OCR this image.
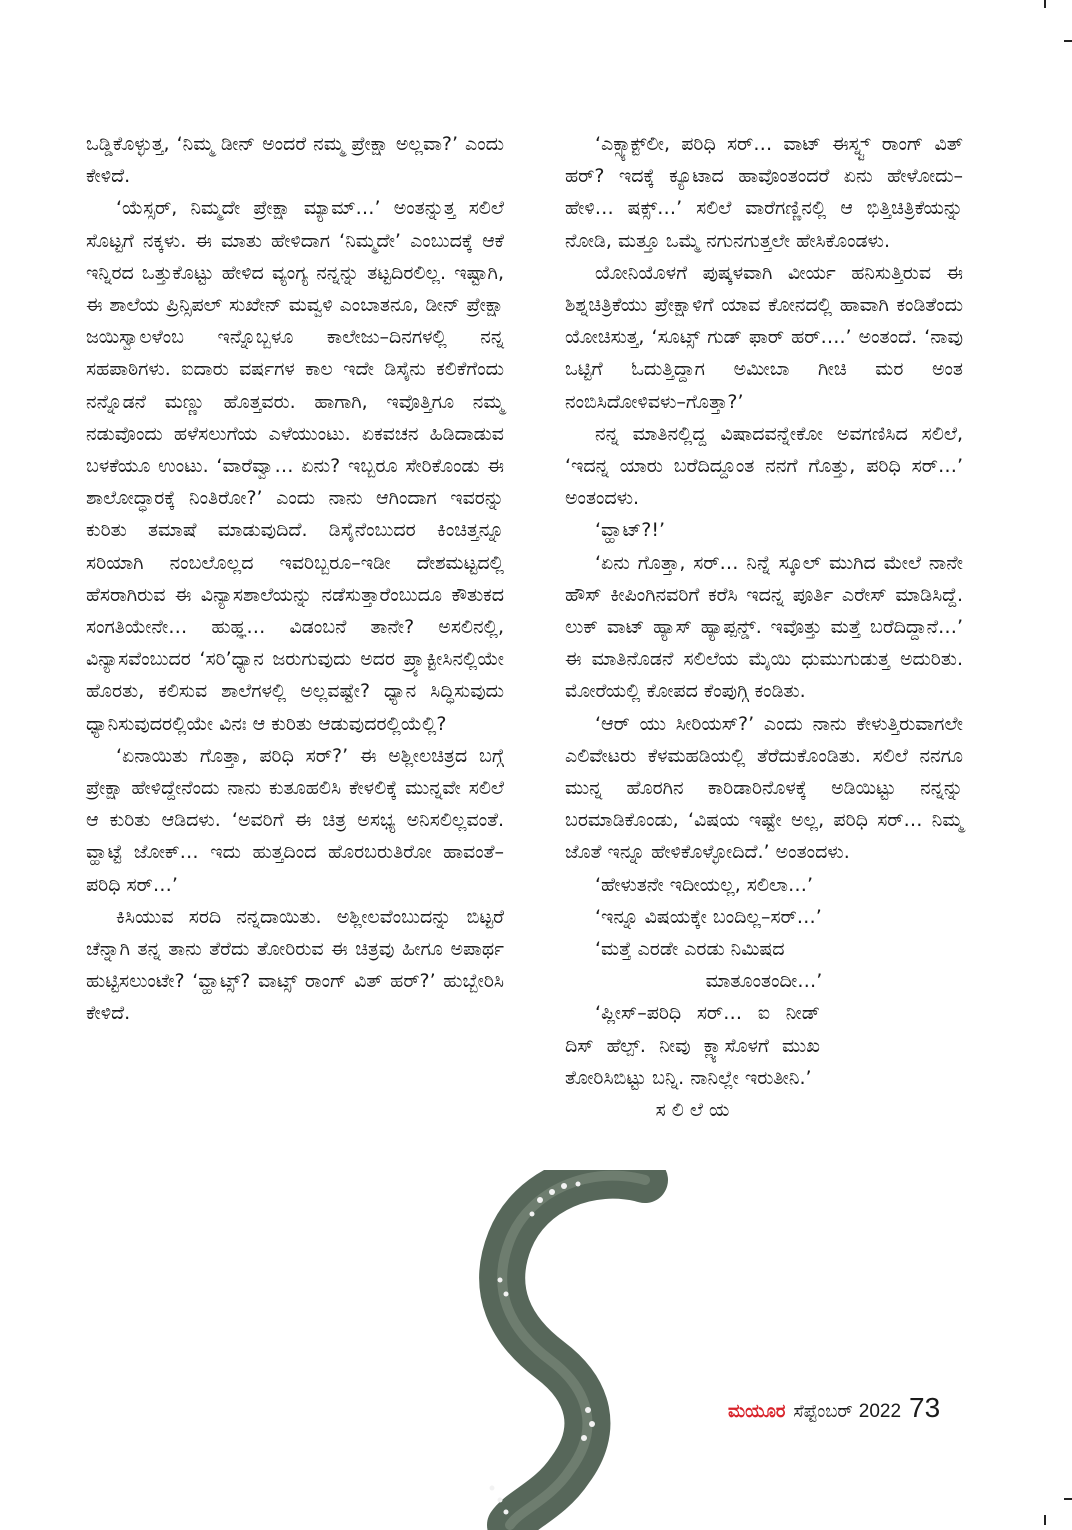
ಒಡ್ಡಿಕೊಳ್ಳುತ್ತ, ‘ನಿಮ್ಮ ಡೀನ್ ಅಂದರೆ ನಮ್ಮ ಪ್ರೇಕ್ಷಾ ಅಲ್ಲವಾ?’ ಎಂದು ಕೇಳಿದೆ.

‘ಯೆಸ್ಸರ್, ನಿಮ್ಮದೇ ಪ್ರೇಕ್ಷಾ ಮ್ಯಾಮ್…’ ಅಂತನ್ನುತ್ತ ಸಲಿಲೆ ಸೊಟ್ಟಗೆ ನಕ್ಕಳು. ಈ ಮಾತು ಹೇಳಿದಾಗ ‘ನಿಮ್ಮದೇ’ ಎಂಬುದಕ್ಕೆ ಆಕೆ ಇನ್ನಿರದ ಒತ್ತುಕೊಟ್ಟು ಹೇಳಿದ ವ್ಯಂಗ್ಯ ನನ್ನನ್ನು ತಟ್ಟದಿರಲಿಲ್ಲ. ಇಷ್ಟಾಗಿ, ಈ ಶಾಲೆಯ ಪ್ರಿನ್ಸಿಪಲ್ ಸುಖೇನ್ ಮವ್ವಳಿ ಎಂಬಾತನೂ, ಡೀನ್ ಪ್ರೇಕ್ಷಾ ಜಯಿಸ್ವಾಲಳೆಂಬ ಇನ್ನೊಬ್ಬಳೂ ಕಾಲೇಜು–ದಿನಗಳಲ್ಲಿ ನನ್ನ ಸಹಪಾಠಿಗಳು. ಐದಾರು ವರ್ಷಗಳ ಕಾಲ ಇದೇ ಡಿಸೈನು ಕಲಿಕೆಗೆಂದು ನನ್ನೊಡನೆ ಮಣ್ಣು ಹೊತ್ತವರು. ಹಾಗಾಗಿ, ಇವೊತ್ತಿಗೂ ನಮ್ಮ ನಡುವೊಂದು ಹಳೆಸಲುಗೆಯ ಎಳೆಯುಂಟು. ಏಕವಚನ ಹಿಡಿದಾಡುವ ಬಳಕೆಯೂ ಉಂಟು. ‘ವಾರೆವ್ವಾ… ಏನು? ಇಬ್ಬರೂ ಸೇರಿಕೊಂಡು ಈ ಶಾಲೋದ್ಧಾರಕ್ಕೆ ನಿಂತಿರೋ?’ ಎಂದು ನಾನು ಆಗಿಂದಾಗ ಇವರನ್ನು ಕುರಿತು ತಮಾಷೆ ಮಾಡುವುದಿದೆ. ಡಿಸೈನೆಂಬುದರ ಕಿಂಚಿತ್ತನ್ನೂ ಸರಿಯಾಗಿ ನಂಬಲೊಲ್ಲದ ಇವರಿಬ್ಬರೂ–ಇಡೀ ದೇಶಮಟ್ಟದಲ್ಲಿ ಹೆಸರಾಗಿರುವ ಈ ವಿನ್ಯಾಸಶಾಲೆಯನ್ನು ನಡೆಸುತ್ತಾರೆಂಬುದೂ ಕೌತುಕದ ಸಂಗತಿಯೇನೇ… ಹುಹ್ಞ… ವಿಡಂಬನೆ ತಾನೇ? ಅಸಲಿನಲ್ಲಿ, ವಿನ್ಯಾಸವೆಂಬುದರ ‘ಸರಿ’ಧ್ಯಾನ ಜರುಗುವುದು ಅದರ ಪ್ರ್ಯಾಕ್ಟೀಸಿನಲ್ಲಿಯೇ ಹೊರತು, ಕಲಿಸುವ ಶಾಲೆಗಳಲ್ಲಿ ಅಲ್ಲವಷ್ಟೇ? ಧ್ಯಾನ ಸಿದ್ಧಿಸುವುದು ಧ್ಯಾನಿಸುವುದರಲ್ಲಿಯೇ ವಿನಃ ಆ ಕುರಿತು ಆಡುವುದರಲ್ಲಿಯೆಲ್ಲಿ?

‘ಏನಾಯಿತು ಗೊತ್ತಾ, ಪರಿಧಿ ಸರ್?’ ಈ ಅಶ್ಲೀಲಚಿತ್ರದ ಬಗ್ಗೆ ಪ್ರೇಕ್ಷಾ ಹೇಳಿದ್ದೇನೆಂದು ನಾನು ಕುತೂಹಲಿಸಿ ಕೇಳಲಿಕ್ಕೆ ಮುನ್ನವೇ ಸಲಿಲೆ ಆ ಕುರಿತು ಆಡಿದಳು. ‘ಅವರಿಗೆ ಈ ಚಿತ್ರ ಅಸಭ್ಯ ಅನಿಸಲಿಲ್ಲವಂತೆ. ವ್ಹಾಟ್ಟೆ ಜೋಕ್… ಇದು ಹುತ್ತದಿಂದ ಹೊರಬರುತಿರೋ ಹಾವಂತೆ–ಪರಿಧಿ ಸರ್…’

ಕಿಸಿಯುವ ಸರದಿ ನನ್ನದಾಯಿತು. ಅಶ್ಲೀಲವೆಂಬುದನ್ನು ಬಿಟ್ಟರೆ ಚೆನ್ನಾಗಿ ತನ್ನ ತಾನು ತೆರೆದು ತೋರಿರುವ ಈ ಚಿತ್ರವು ಹೀಗೂ ಅಪಾರ್ಥ ಹುಟ್ಟಿಸಲುಂಟೇ? ‘ವ್ಹಾಟ್ಸ್? ವಾಟ್ಸ್ ರಾಂಗ್ ವಿತ್ ಹರ್?’ ಹುಬ್ಬೇರಿಸಿ ಕೇಳಿದೆ.

‘ಎಕ್ಸ್ಯಾಕ್ಟ್‌ಲೀ, ಪರಿಧಿ ಸರ್… ವಾಟ್ ಈಸ್ನ್ಟ್ ರಾಂಗ್ ವಿತ್ ಹರ್? ಇದಕ್ಕೆ ಕ್ಯೂಟಾದ ಹಾವೊಂತಂದರೆ ಏನು ಹೇಳೋದು–ಹೇಳಿ… ಷಕ್ಸ್…’ ಸಲಿಲೆ ವಾರೆಗಣ್ಣಿನಲ್ಲಿ ಆ ಭಿತ್ತಿಚಿತ್ರಿಕೆಯನ್ನು ನೋಡಿ, ಮತ್ತೂ ಒಮ್ಮೆ ನಗುನಗುತ್ತಲೇ ಹೇಸಿಕೊಂಡಳು.

ಯೋನಿಯೊಳಗೆ ಪುಷ್ಕಳವಾಗಿ ವೀರ್ಯ ಹನಿಸುತ್ತಿರುವ ಈ ಶಿಶ್ನಚಿತ್ರಿಕೆಯು ಪ್ರೇಕ್ಷಾಳಿಗೆ ಯಾವ ಕೋನದಲ್ಲಿ ಹಾವಾಗಿ ಕಂಡಿತೆಂದು ಯೋಚಿಸುತ್ತ, ‘ಸೂಟ್ಸ್ ಗುಡ್ ಫಾರ್ ಹರ್….’ ಅಂತಂದೆ. ‘ನಾವು ಒಟ್ಟಿಗೆ ಓದುತ್ತಿದ್ದಾಗ ಅಮೀಬಾ ಗೀಚಿ ಮರ ಅಂತ ನಂಬಿಸಿದೋಳಿವಳು–ಗೊತ್ತಾ?’

ನನ್ನ ಮಾತಿನಲ್ಲಿದ್ದ ವಿಷಾದವನ್ನೇಕೋ ಅವಗಣಿಸಿದ ಸಲಿಲೆ, ‘ಇದನ್ನ ಯಾರು ಬರೆದಿದ್ದೂಂತ ನನಗೆ ಗೊತ್ತು, ಪರಿಧಿ ಸರ್…’ ಅಂತಂದಳು.

‘ವ್ಹಾಟ್?!’

‘ಏನು ಗೊತ್ತಾ, ಸರ್… ನಿನ್ನೆ ಸ್ಕೂಲ್ ಮುಗಿದ ಮೇಲೆ ನಾನೇ ಹೌಸ್ ಕೀಪಿಂಗಿನವರಿಗೆ ಕರೆಸಿ ಇದನ್ನ ಪೂರ್ತಿ ಎರೇಸ್ ಮಾಡಿಸಿದ್ದೆ. ಲುಕ್ ವಾಟ್ ಹ್ಯಾಸ್ ಹ್ಯಾಪ್ಪನ್ಡ್. ಇವೊತ್ತು ಮತ್ತೆ ಬರೆದಿದ್ದಾನೆ…’ ಈ ಮಾತಿನೊಡನೆ ಸಲಿಲೆಯ ಮೈಯಿ ಧುಮುಗುಡುತ್ತ ಅದುರಿತು. ಮೋರೆಯಲ್ಲಿ ಕೋಪದ ಕೆಂಪುಗ್ಗಿ ಕಂಡಿತು.

‘ಆರ್ ಯು ಸೀರಿಯಸ್?’ ಎಂದು ನಾನು ಕೇಳುತ್ತಿರುವಾಗಲೇ ಎಲಿವೇಟರು ಕೆಳಮಹಡಿಯಲ್ಲಿ ತೆರೆದುಕೊಂಡಿತು. ಸಲಿಲೆ ನನಗೂ ಮುನ್ನ ಹೊರಗಿನ ಕಾರಿಡಾರಿನೊಳಕ್ಕೆ ಅಡಿಯಿಟ್ಟು ನನ್ನನ್ನು ಬರಮಾಡಿಕೊಂಡು, ‘ವಿಷಯ ಇಷ್ಟೇ ಅಲ್ಲ, ಪರಿಧಿ ಸರ್… ನಿಮ್ಮ ಜೊತೆ ಇನ್ನೂ ಹೇಳಿಕೊಳ್ಳೋದಿದೆ.’ ಅಂತಂದಳು.

‘ಹೇಳುತನೇ ಇದೀಯಲ್ಲ, ಸಲಿಲಾ…’

‘ಇನ್ನೂ ವಿಷಯಕ್ಕೇ ಬಂದಿಲ್ಲ–ಸರ್…’

‘ಮತ್ತೆ ಎರಡೇ ಎರಡು ನಿಮಿಷದ

ಮಾತೂಂತಂದೀ…’

‘ಪ್ಲೀಸ್–ಪರಿಧಿ ಸರ್… ಐ ನೀಡ್ ದಿಸ್ ಹೆಲ್ಪ್. ನೀವು ಕ್ಲ್ಯಾಸೊಳಗೆ ಮುಖ ತೋರಿಸಿಬಿಟ್ಟು ಬನ್ನಿ. ನಾನಿಲ್ಲೇ ಇರುತೀನಿ.’

ಸ ಲಿ ಲೆ ಯ

ಮಯೂರ ಸೆಪ್ಟೆಂಬರ್ 2022 73
